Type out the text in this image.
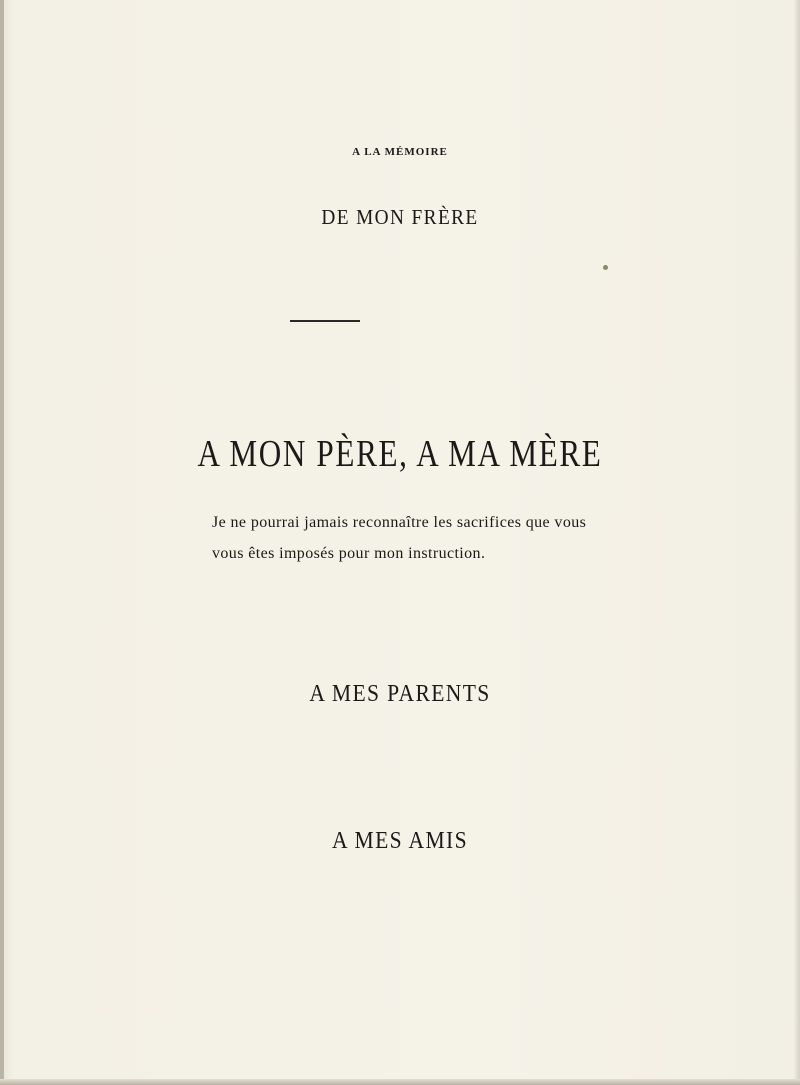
A LA MÉMOIRE
DE MON FRÈRE
A MON PÈRE, A MA MÈRE
Je ne pourrai jamais reconnaître les sacrifices que vous
vous êtes imposés pour mon instruction.
A MES PARENTS
A MES AMIS
